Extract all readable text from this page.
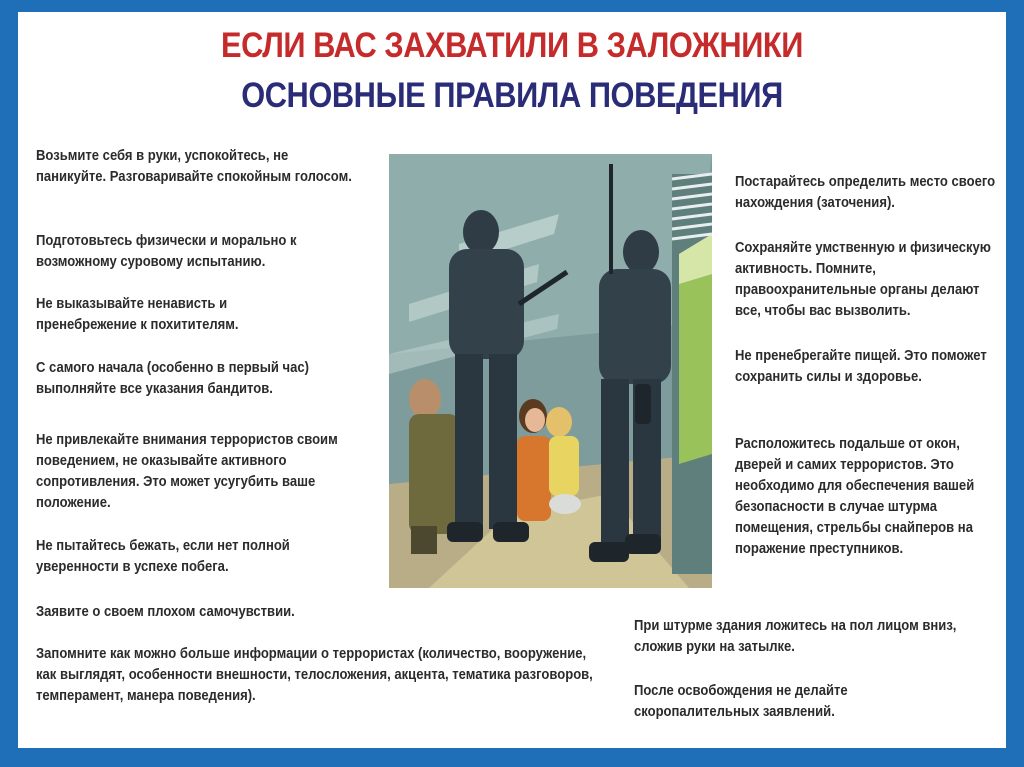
ЕСЛИ ВАС ЗАХВАТИЛИ В ЗАЛОЖНИКИ
ОСНОВНЫЕ ПРАВИЛА ПОВЕДЕНИЯ
Возьмите себя в руки, успокойтесь, не паникуйте. Разговаривайте спокойным голосом.
Подготовьтесь физически и морально к возможному суровому испытанию.
Не выказывайте ненависть и пренебрежение к похитителям.
С самого начала (особенно в первый час) выполняйте все указания бандитов.
Не привлекайте внимания террористов своим поведением, не оказывайте активного сопротивления. Это может усугубить ваше положение.
Не пытайтесь бежать, если нет полной уверенности в успехе побега.
Заявите о своем плохом самочувствии.
Запомните как можно больше информации о террористах (количество, вооружение, как выглядят, особенности внешности, телосложения, акцента, тематика разговоров, темперамент, манера поведения).
Постарайтесь определить место своего нахождения (заточения).
Сохраняйте умственную и физическую активность. Помните, правоохранительные органы делают все, чтобы вас вызволить.
Не пренебрегайте пищей. Это поможет сохранить силы и здоровье.
Расположитесь подальше от окон, дверей и самих террористов. Это необходимо для обеспечения вашей безопасности в случае штурма помещения, стрельбы снайперов на поражение преступников.
При штурме здания ложитесь на пол лицом вниз, сложив руки на затылке.
После освобождения не делайте скоропалительных заявлений.
